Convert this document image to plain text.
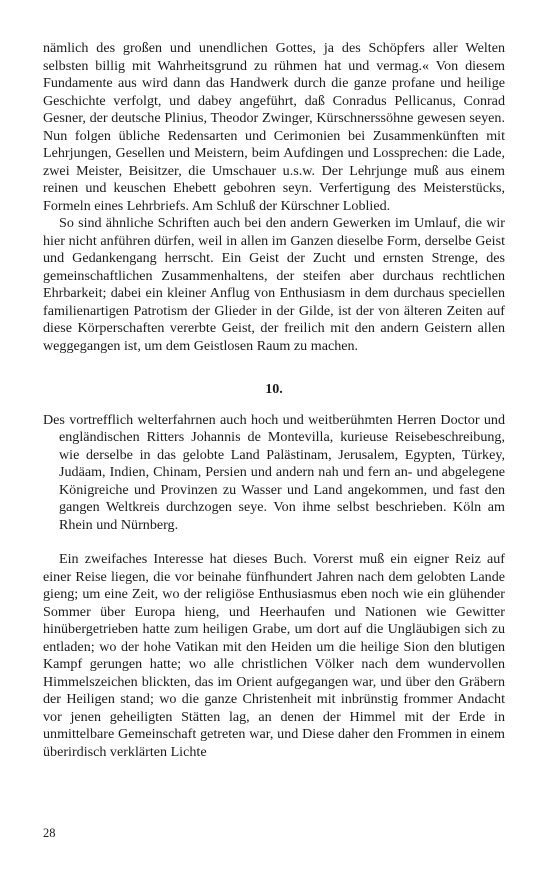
nämlich des großen und unendlichen Gottes, ja des Schöpfers aller Welten selbsten billig mit Wahrheitsgrund zu rühmen hat und vermag.« Von diesem Fundamente aus wird dann das Handwerk durch die ganze profane und heilige Geschichte verfolgt, und dabey angeführt, daß Conradus Pellicanus, Conrad Gesner, der deutsche Plinius, Theodor Zwinger, Kürschnerssöhne gewesen seyen. Nun folgen übliche Redensarten und Cerimonien bei Zusammenkünften mit Lehrjungen, Gesellen und Meistern, beim Aufdingen und Lossprechen: die Lade, zwei Meister, Beisitzer, die Umschauer u.s.w. Der Lehrjunge muß aus einem reinen und keuschen Ehebett gebohren seyn. Verfertigung des Meisterstücks, Formeln eines Lehrbriefs. Am Schluß der Kürschner Loblied.

So sind ähnliche Schriften auch bei den andern Gewerken im Umlauf, die wir hier nicht anführen dürfen, weil in allen im Ganzen dieselbe Form, derselbe Geist und Gedankengang herrscht. Ein Geist der Zucht und ernsten Strenge, des gemeinschaftlichen Zusammenhaltens, der steifen aber durchaus rechtlichen Ehrbarkeit; dabei ein kleiner Anflug von Enthusiasm in dem durchaus speciellen familienartigen Patrotism der Glieder in der Gilde, ist der von älteren Zeiten auf diese Körperschaften vererbte Geist, der freilich mit den andern Geistern allen weggegangen ist, um dem Geistlosen Raum zu machen.

10.

Des vortrefflich welterfahrnen auch hoch und weitberühmten Herren Doctor und engländischen Ritters Johannis de Montevilla, kurieuse Reisebeschreibung, wie derselbe in das gelobte Land Palästinam, Jerusalem, Egypten, Türkey, Judäam, Indien, Chinam, Persien und andern nah und fern an- und abgelegene Königreiche und Provinzen zu Wasser und Land angekommen, und fast den gangen Weltkreis durchzogen seye. Von ihme selbst beschrieben. Köln am Rhein und Nürnberg.

Ein zweifaches Interesse hat dieses Buch. Vorerst muß ein eigner Reiz auf einer Reise liegen, die vor beinahe fünfhundert Jahren nach dem gelobten Lande gieng; um eine Zeit, wo der religiöse Enthusiasmus eben noch wie ein glühender Sommer über Europa hieng, und Heerhaufen und Nationen wie Gewitter hinübergetrieben hatte zum heiligen Grabe, um dort auf die Ungläubigen sich zu entladen; wo der hohe Vatikan mit den Heiden um die heilige Sion den blutigen Kampf gerungen hatte; wo alle christlichen Völker nach dem wundervollen Himmelszeichen blickten, das im Orient aufgegangen war, und über den Gräbern der Heiligen stand; wo die ganze Christenheit mit inbrünstig frommer Andacht vor jenen geheiligten Stätten lag, an denen der Himmel mit der Erde in unmittelbare Gemeinschaft getreten war, und Diese daher den Frommen in einem überirdisch verklärten Lichte

28
